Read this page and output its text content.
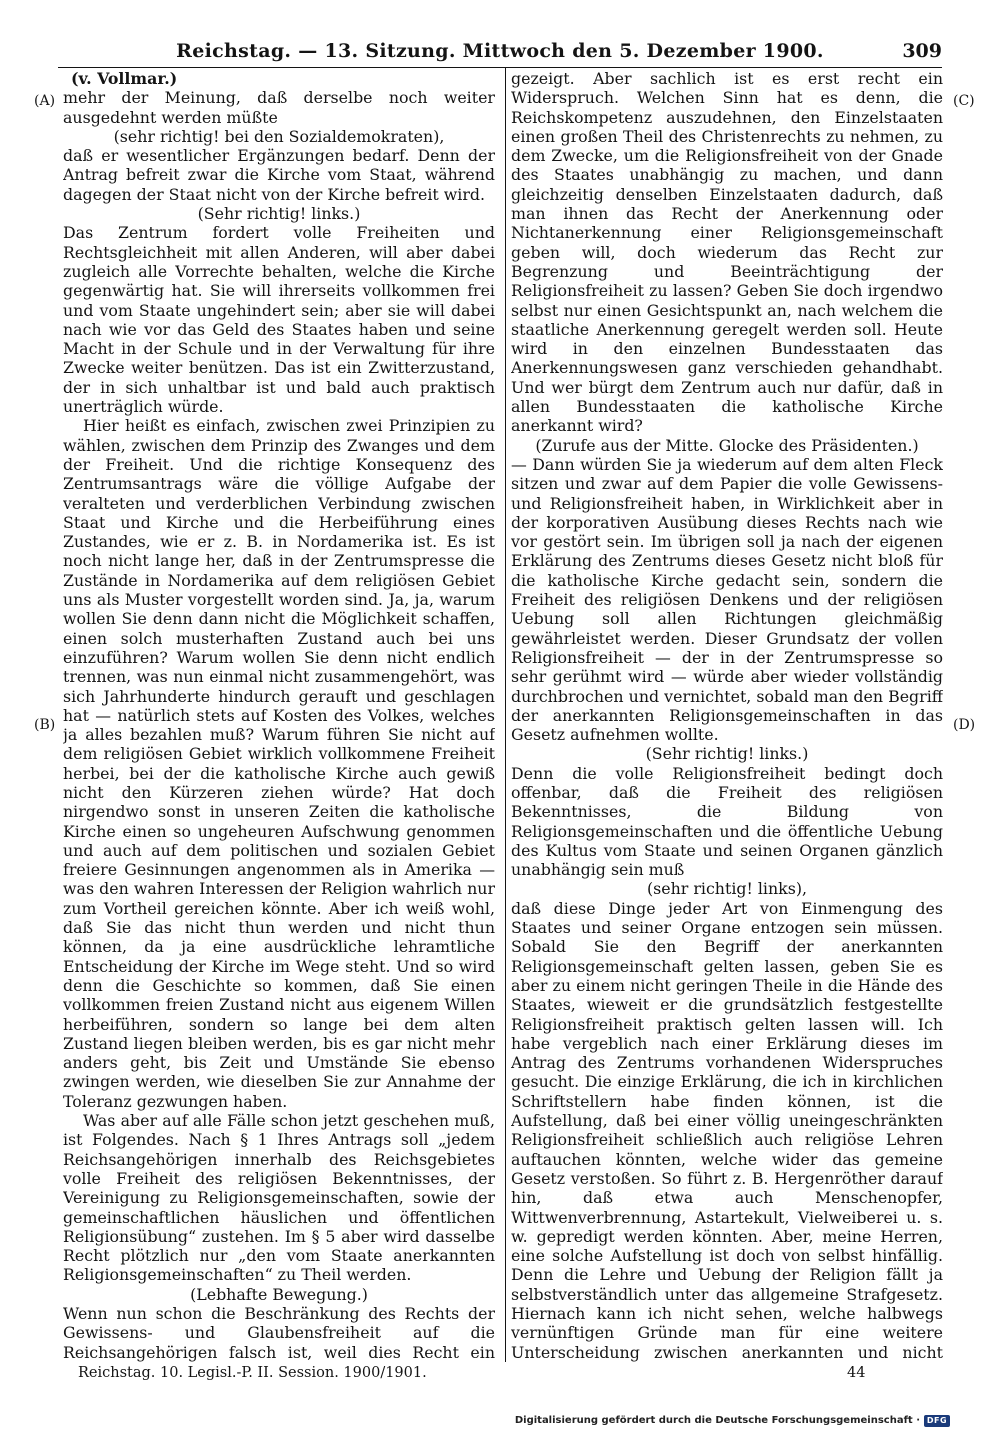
Reichstag. — 13. Sitzung. Mittwoch den 5. Dezember 1900.	309
(A)
(B)
(C)
(D)

(v. Vollmar.)

mehr der Meinung, daß derselbe noch weiter ausgedehnt werden müßte

(sehr richtig! bei den Sozialdemokraten),

daß er wesentlicher Ergänzungen bedarf. Denn der Antrag befreit zwar die Kirche vom Staat, während dagegen der Staat nicht von der Kirche befreit wird.

(Sehr richtig! links.)

Das Zentrum fordert volle Freiheiten und Rechtsgleichheit mit allen Anderen, will aber dabei zugleich alle Vorrechte behalten, welche die Kirche gegenwärtig hat. Sie will ihrerseits vollkommen frei und vom Staate ungehindert sein; aber sie will dabei nach wie vor das Geld des Staates haben und seine Macht in der Schule und in der Verwaltung für ihre Zwecke weiter benützen. Das ist ein Zwitterzustand, der in sich unhaltbar ist und bald auch praktisch unerträglich würde.

Hier heißt es einfach, zwischen zwei Prinzipien zu wählen, zwischen dem Prinzip des Zwanges und dem der Freiheit. Und die richtige Konsequenz des Zentrumsantrags wäre die völlige Aufgabe der veralteten und verderblichen Verbindung zwischen Staat und Kirche und die Herbeiführung eines Zustandes, wie er z. B. in Nordamerika ist. Es ist noch nicht lange her, daß in der Zentrumspresse die Zustände in Nordamerika auf dem religiösen Gebiet uns als Muster vorgestellt worden sind. Ja, ja, warum wollen Sie denn dann nicht die Möglichkeit schaffen, einen solch musterhaften Zustand auch bei uns einzuführen? Warum wollen Sie denn nicht endlich trennen, was nun einmal nicht zusammengehört, was sich Jahrhunderte hindurch gerauft und geschlagen hat — natürlich stets auf Kosten des Volkes, welches ja alles bezahlen muß? Warum führen Sie nicht auf dem religiösen Gebiet wirklich vollkommene Freiheit herbei, bei der die katholische Kirche auch gewiß nicht den Kürzeren ziehen würde? Hat doch nirgendwo sonst in unseren Zeiten die katholische Kirche einen so ungeheuren Aufschwung genommen und auch auf dem politischen und sozialen Gebiet freiere Gesinnungen angenommen als in Amerika — was den wahren Interessen der Religion wahrlich nur zum Vortheil gereichen könnte. Aber ich weiß wohl, daß Sie das nicht thun werden und nicht thun können, da ja eine ausdrückliche lehramtliche Entscheidung der Kirche im Wege steht. Und so wird denn die Geschichte so kommen, daß Sie einen vollkommen freien Zustand nicht aus eigenem Willen herbeiführen, sondern so lange bei dem alten Zustand liegen bleiben werden, bis es gar nicht mehr anders geht, bis Zeit und Umstände Sie ebenso zwingen werden, wie dieselben Sie zur Annahme der Toleranz gezwungen haben.

Was aber auf alle Fälle schon jetzt geschehen muß, ist Folgendes. Nach § 1 Ihres Antrags soll „jedem Reichsangehörigen innerhalb des Reichsgebietes volle Freiheit des religiösen Bekenntnisses, der Vereinigung zu Religionsgemeinschaften, sowie der gemeinschaftlichen häuslichen und öffentlichen Religionsübung“ zustehen. Im § 5 aber wird dasselbe Recht plötzlich nur „den vom Staate anerkannten Religionsgemeinschaften“ zu Theil werden.

(Lebhafte Bewegung.)

Wenn nun schon die Beschränkung des Rechts der Gewissens- und Glaubensfreiheit auf die Reichsangehörigen falsch ist, weil dies Recht ein

gezeigt. Aber sachlich ist es erst recht ein Widerspruch. Welchen Sinn hat es denn, die Reichskompetenz auszudehnen, den Einzelstaaten einen großen Theil des Christenrechts zu nehmen, zu dem Zwecke, um die Religionsfreiheit von der Gnade des Staates unabhängig zu machen, und dann gleichzeitig denselben Einzelstaaten dadurch, daß man ihnen das Recht der Anerkennung oder Nichtanerkennung einer Religionsgemeinschaft geben will, doch wiederum das Recht zur Begrenzung und Beeinträchtigung der Religionsfreiheit zu lassen? Geben Sie doch irgendwo selbst nur einen Gesichtspunkt an, nach welchem die staatliche Anerkennung geregelt werden soll. Heute wird in den einzelnen Bundesstaaten das Anerkennungswesen ganz verschieden gehandhabt. Und wer bürgt dem Zentrum auch nur dafür, daß in allen Bundesstaaten die katholische Kirche anerkannt wird?

(Zurufe aus der Mitte. Glocke des Präsidenten.)

— Dann würden Sie ja wiederum auf dem alten Fleck sitzen und zwar auf dem Papier die volle Gewissens- und Religionsfreiheit haben, in Wirklichkeit aber in der korporativen Ausübung dieses Rechts nach wie vor gestört sein. Im übrigen soll ja nach der eigenen Erklärung des Zentrums dieses Gesetz nicht bloß für die katholische Kirche gedacht sein, sondern die Freiheit des religiösen Denkens und der religiösen Uebung soll allen Richtungen gleichmäßig gewährleistet werden. Dieser Grundsatz der vollen Religionsfreiheit — der in der Zentrumspresse so sehr gerühmt wird — würde aber wieder vollständig durchbrochen und vernichtet, sobald man den Begriff der anerkannten Religionsgemeinschaften in das Gesetz aufnehmen wollte.

(Sehr richtig! links.)

Denn die volle Religionsfreiheit bedingt doch offenbar, daß die Freiheit des religiösen Bekenntnisses, die Bildung von Religionsgemeinschaften und die öffentliche Uebung des Kultus vom Staate und seinen Organen gänzlich unabhängig sein muß

(sehr richtig! links),

daß diese Dinge jeder Art von Einmengung des Staates und seiner Organe entzogen sein müssen. Sobald Sie den Begriff der anerkannten Religionsgemeinschaft gelten lassen, geben Sie es aber zu einem nicht geringen Theile in die Hände des Staates, wieweit er die grundsätzlich festgestellte Religionsfreiheit praktisch gelten lassen will. Ich habe vergeblich nach einer Erklärung dieses im Antrag des Zentrums vorhandenen Widerspruches gesucht. Die einzige Erklärung, die ich in kirchlichen Schriftstellern habe finden können, ist die Aufstellung, daß bei einer völlig uneingeschränkten Religionsfreiheit schließlich auch religiöse Lehren auftauchen könnten, welche wider das gemeine Gesetz verstoßen. So führt z. B. Hergenröther darauf hin, daß etwa auch Menschenopfer, Wittwenverbrennung, Astartekult, Vielweiberei u. s. w. gepredigt werden könnten. Aber, meine Herren, eine solche Aufstellung ist doch von selbst hinfällig. Denn die Lehre und Uebung der Religion fällt ja selbstverständlich unter das allgemeine Strafgesetz. Hiernach kann ich nicht sehen, welche halbwegs vernünftigen Gründe man für eine weitere Unterscheidung zwischen anerkannten und nicht

Reichstag. 10. Legisl.-P. II. Session. 1900/1901.	44
Digitalisierung gefördert durch die Deutsche Forschungsgemeinschaft · DFG
